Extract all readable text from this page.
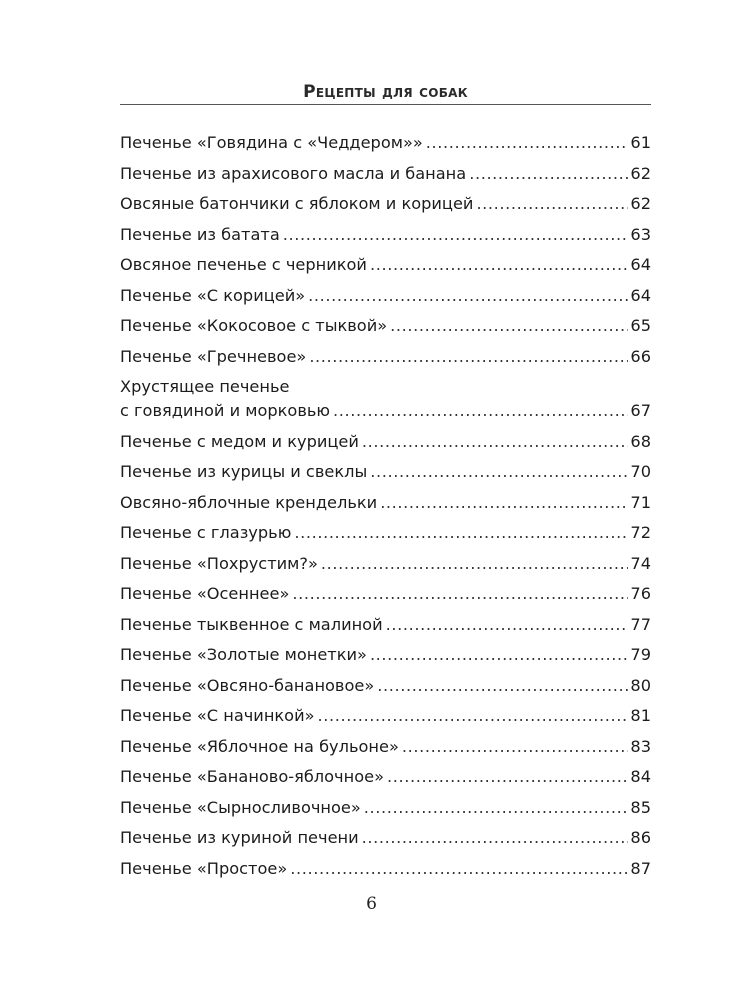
Рецепты для собак
Печенье «Говядина с «Чеддером»» .....	61
Печенье из арахисового масла и банана .....	62
Овсяные батончики с яблоком и корицей .....	62
Печенье из батата .....	63
Овсяное печенье с черникой .....	64
Печенье «С корицей» .....	64
Печенье «Кокосовое с тыквой» .....	65
Печенье «Гречневое» .....	66
Хрустящее печенье
с говядиной и морковью .....	67
Печенье с медом и курицей .....	68
Печенье из курицы и свеклы .....	70
Овсяно-яблочные крендельки .....	71
Печенье с глазурью .....	72
Печенье «Похрустим?» .....	74
Печенье «Осеннее» .....	76
Печенье тыквенное с малиной .....	77
Печенье «Золотые монетки» .....	79
Печенье «Овсяно-банановое» .....	80
Печенье «С начинкой» .....	81
Печенье «Яблочное на бульоне» .....	83
Печенье «Бананово-яблочное» .....	84
Печенье «Сырносливочное» .....	85
Печенье из куриной печени .....	86
Печенье «Простое» .....	87
6
